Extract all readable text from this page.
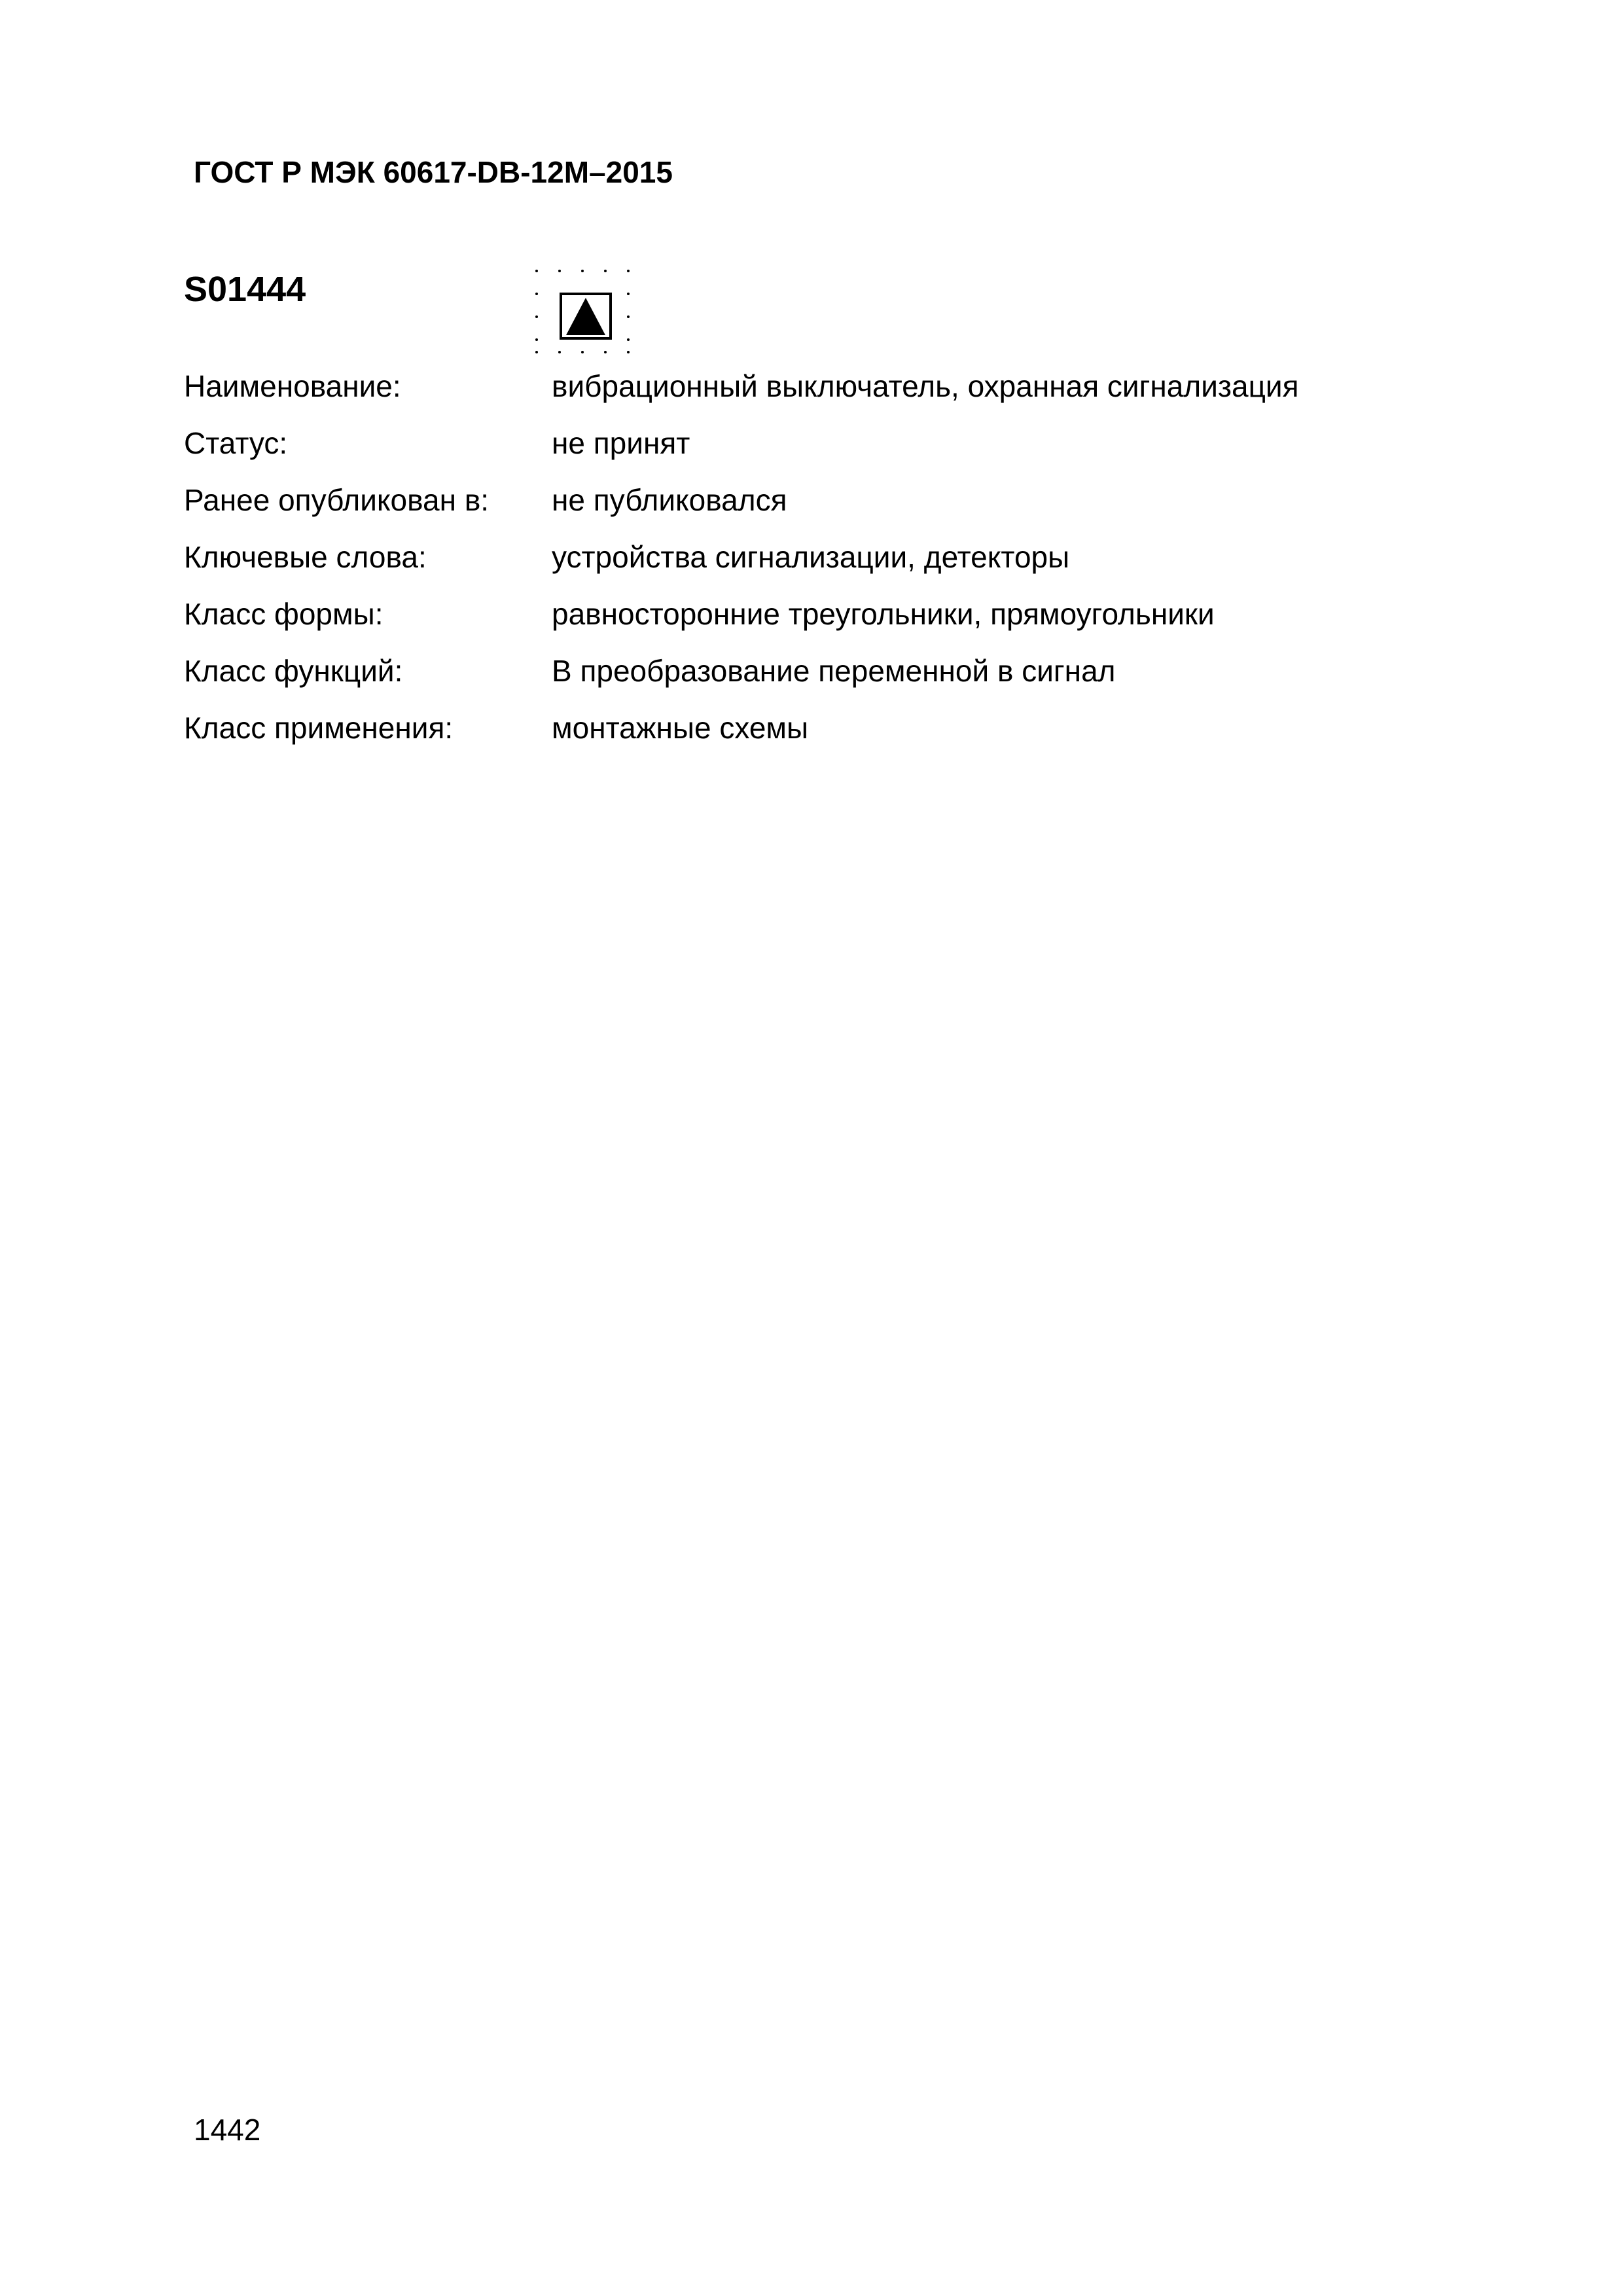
ГОСТ Р МЭК 60617-DB-12M–2015
S01444
Наименование:	вибрационный выключатель, охранная сигнализация
Статус:	не принят
Ранее опубликован в:	не публиковался
Ключевые слова:	устройства сигнализации, детекторы
Класс формы:	равносторонние треугольники, прямоугольники
Класс функций:	В преобразование переменной в сигнал
Класс применения:	монтажные схемы
1442
